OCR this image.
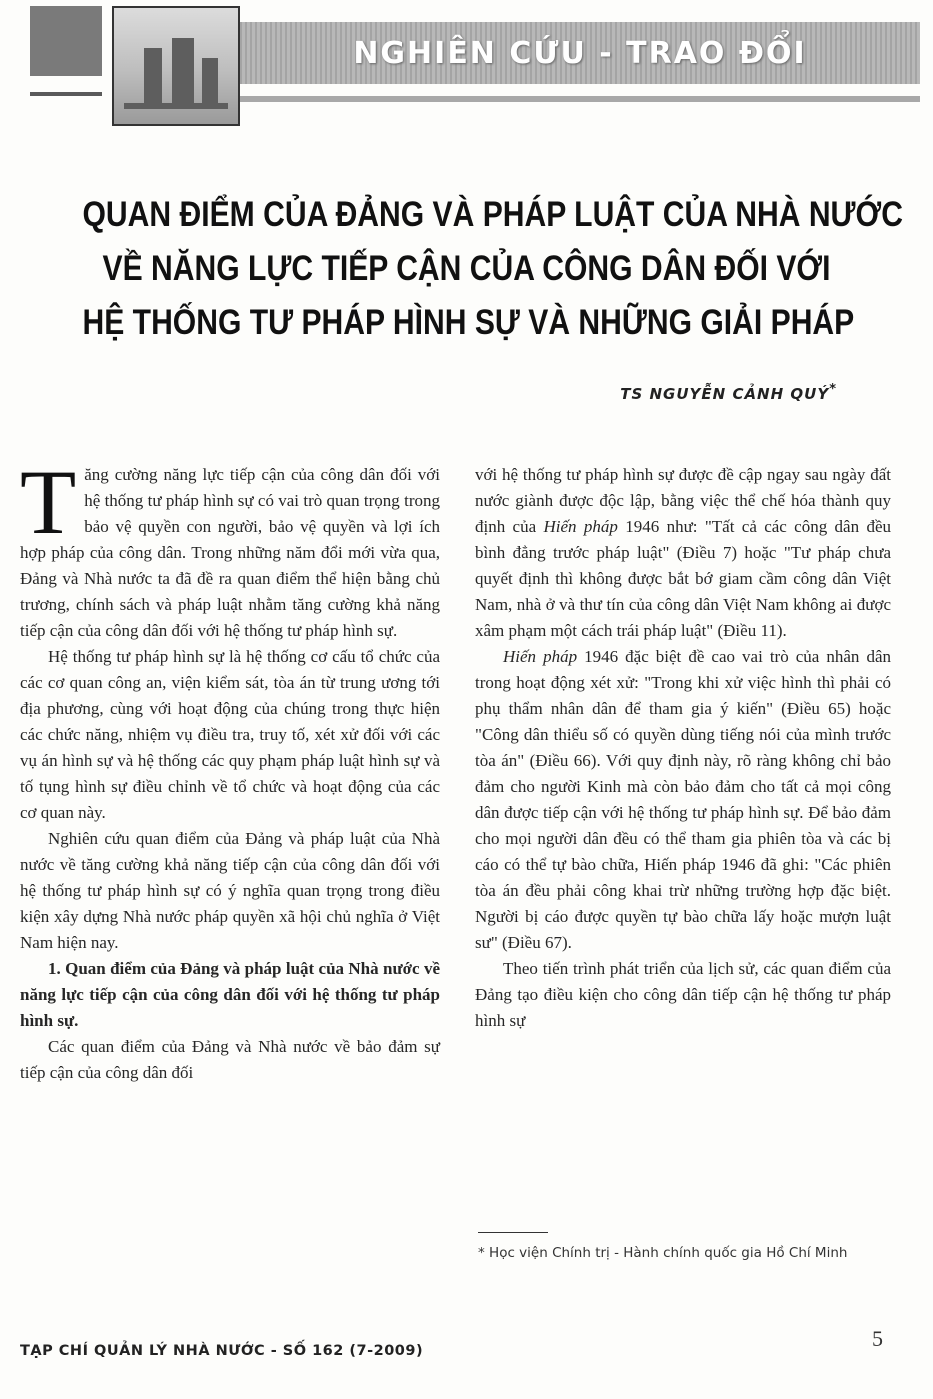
NGHIÊN CỨU - TRAO ĐỔI
QUAN ĐIỂM CỦA ĐẢNG VÀ PHÁP LUẬT CỦA NHÀ NƯỚC
VỀ NĂNG LỰC TIẾP CẬN CỦA CÔNG DÂN ĐỐI VỚI
HỆ THỐNG TƯ PHÁP HÌNH SỰ VÀ NHỮNG GIẢI PHÁP
TS NGUYỄN CẢNH QUÝ*

Tăng cường năng lực tiếp cận của công dân đối với hệ thống tư pháp hình sự có vai trò quan trọng trong bảo vệ quyền con người, bảo vệ quyền và lợi ích hợp pháp của công dân. Trong những năm đổi mới vừa qua, Đảng và Nhà nước ta đã đề ra quan điểm thể hiện bằng chủ trương, chính sách và pháp luật nhằm tăng cường khả năng tiếp cận của công dân đối với hệ thống tư pháp hình sự.

Hệ thống tư pháp hình sự là hệ thống cơ cấu tổ chức của các cơ quan công an, viện kiểm sát, tòa án từ trung ương tới địa phương, cùng với hoạt động của chúng trong thực hiện các chức năng, nhiệm vụ điều tra, truy tố, xét xử đối với các vụ án hình sự và hệ thống các quy phạm pháp luật hình sự và tố tụng hình sự điều chỉnh về tổ chức và hoạt động của các cơ quan này.

Nghiên cứu quan điểm của Đảng và pháp luật của Nhà nước về tăng cường khả năng tiếp cận của công dân đối với hệ thống tư pháp hình sự có ý nghĩa quan trọng trong điều kiện xây dựng Nhà nước pháp quyền xã hội chủ nghĩa ở Việt Nam hiện nay.

1. Quan điểm của Đảng và pháp luật của Nhà nước về năng lực tiếp cận của công dân đối với hệ thống tư pháp hình sự.

Các quan điểm của Đảng và Nhà nước về bảo đảm sự tiếp cận của công dân đối

với hệ thống tư pháp hình sự được đề cập ngay sau ngày đất nước giành được độc lập, bằng việc thể chế hóa thành quy định của Hiến pháp 1946 như: "Tất cả các công dân đều bình đẳng trước pháp luật" (Điều 7) hoặc "Tư pháp chưa quyết định thì không được bắt bớ giam cầm công dân Việt Nam, nhà ở và thư tín của công dân Việt Nam không ai được xâm phạm một cách trái pháp luật" (Điều 11).

Hiến pháp 1946 đặc biệt đề cao vai trò của nhân dân trong hoạt động xét xử: "Trong khi xử việc hình thì phải có phụ thẩm nhân dân để tham gia ý kiến" (Điều 65) hoặc "Công dân thiểu số có quyền dùng tiếng nói của mình trước tòa án" (Điều 66). Với quy định này, rõ ràng không chỉ bảo đảm cho người Kinh mà còn bảo đảm cho tất cả mọi công dân được tiếp cận với hệ thống tư pháp hình sự. Để bảo đảm cho mọi người dân đều có thể tham gia phiên tòa và các bị cáo có thể tự bào chữa, Hiến pháp 1946 đã ghi: "Các phiên tòa án đều phải công khai trừ những trường hợp đặc biệt. Người bị cáo được quyền tự bào chữa lấy hoặc mượn luật sư" (Điều 67).

Theo tiến trình phát triển của lịch sử, các quan điểm của Đảng tạo điều kiện cho công dân tiếp cận hệ thống tư pháp hình sự

* Học viện Chính trị - Hành chính quốc gia Hồ Chí Minh
TẠP CHÍ QUẢN LÝ NHÀ NƯỚC - SỐ 162 (7-2009)	5
